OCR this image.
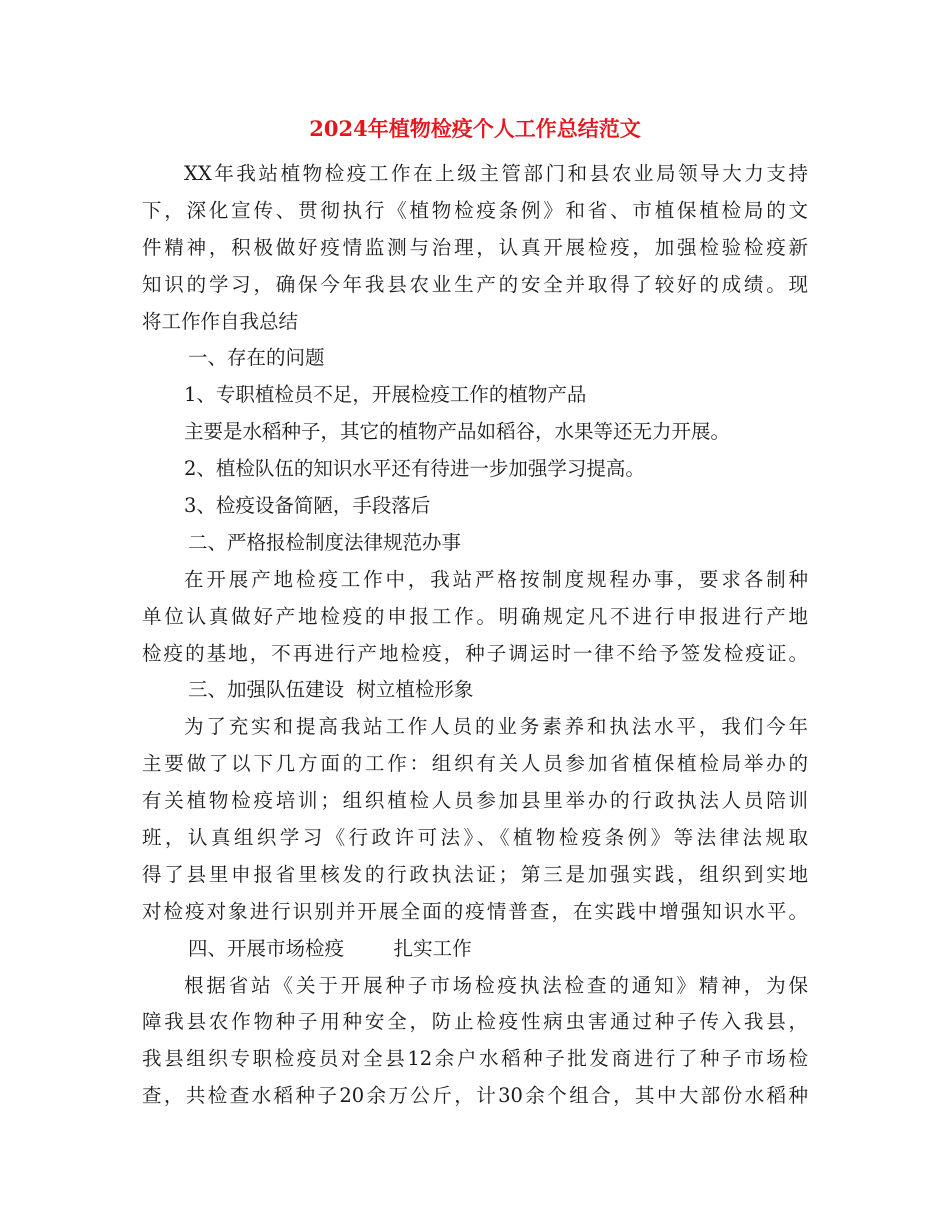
2024年植物检疫个人工作总结范文
XX年我站植物检疫工作在上级主管部门和县农业局领导大力支持
下，深化宣传、贯彻执行《植物检疫条例》和省、市植保植检局的文
件精神，积极做好疫情监测与治理，认真开展检疫，加强检验检疫新
知识的学习，确保今年我县农业生产的安全并取得了较好的成绩。现
将工作作自我总结
一、存在的问题
1、专职植检员不足，开展检疫工作的植物产品
主要是水稻种子，其它的植物产品如稻谷，水果等还无力开展。
2、植检队伍的知识水平还有待进一步加强学习提高。
3、检疫设备简陋，手段落后
二、严格报检制度法律规范办事
在开展产地检疫工作中，我站严格按制度规程办事，要求各制种
单位认真做好产地检疫的申报工作。明确规定凡不进行申报进行产地
检疫的基地，不再进行产地检疫，种子调运时一律不给予签发检疫证。
三、加强队伍建设  树立植检形象
为了充实和提高我站工作人员的业务素养和执法水平，我们今年
主要做了以下几方面的工作：组织有关人员参加省植保植检局举办的
有关植物检疫培训；组织植检人员参加县里举办的行政执法人员陪训
班，认真组织学习《行政许可法》、《植物检疫条例》等法律法规取
得了县里申报省里核发的行政执法证；第三是加强实践，组织到实地
对检疫对象进行识别并开展全面的疫情普查，在实践中增强知识水平。
四、开展市场检疫        扎实工作
根据省站《关于开展种子市场检疫执法检查的通知》精神，为保
障我县农作物种子用种安全，防止检疫性病虫害通过种子传入我县，
我县组织专职检疫员对全县12余户水稻种子批发商进行了种子市场检
查，共检查水稻种子20余万公斤，计30余个组合，其中大部份水稻种
